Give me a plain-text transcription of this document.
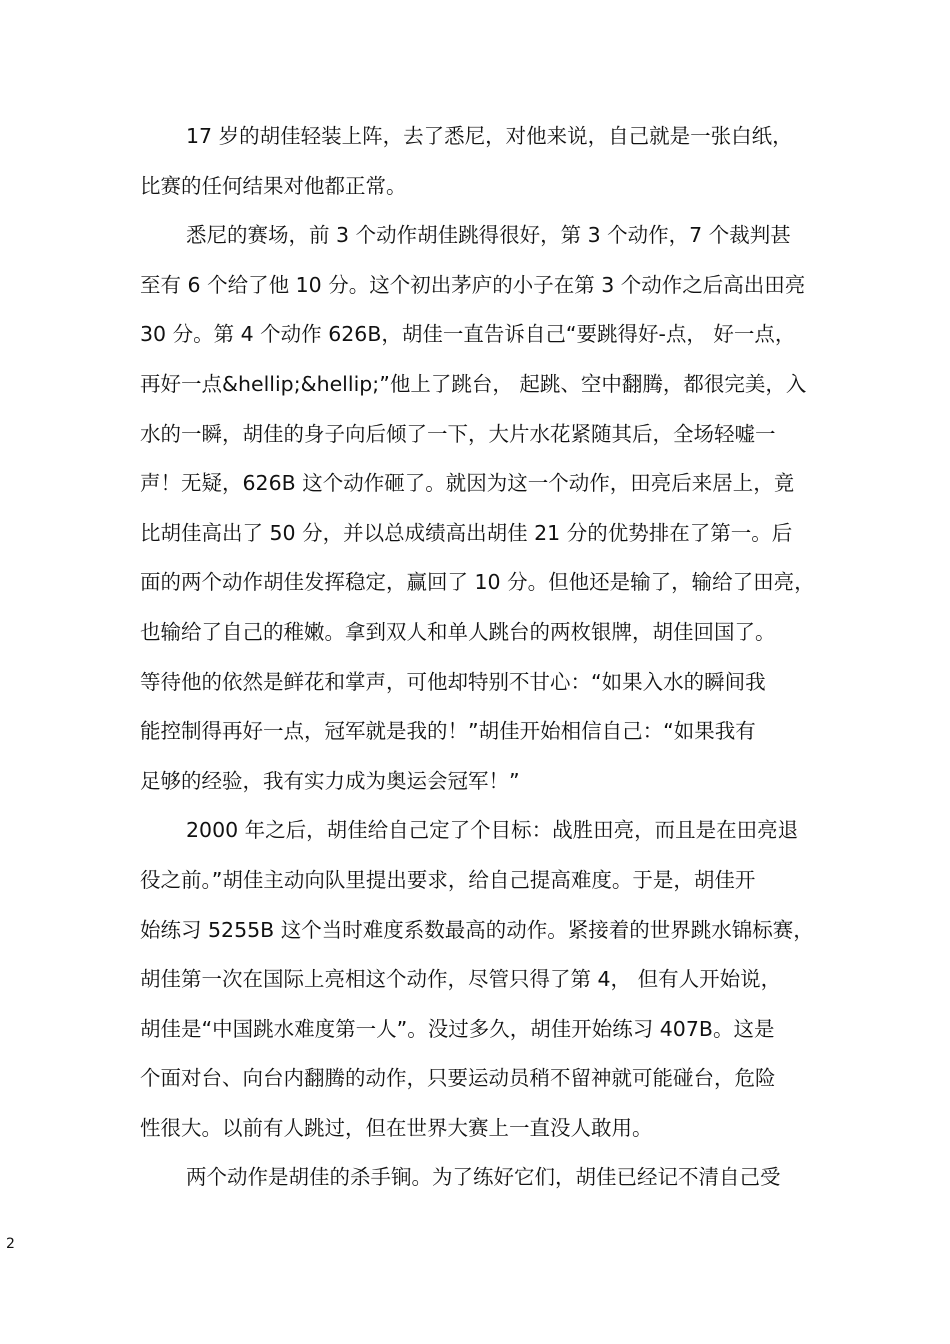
17 岁的胡佳轻装上阵，去了悉尼，对他来说，自己就是一张白纸，
比赛的任何结果对他都正常。
悉尼的赛场，前 3 个动作胡佳跳得很好，第 3 个动作，7 个裁判甚
至有 6 个给了他 10 分。这个初出茅庐的小子在第 3 个动作之后高出田亮
30 分。第 4 个动作 626B，胡佳一直告诉自己“要跳得好-点， 好一点，
再好一点&hellip;&hellip;”他上了跳台， 起跳、空中翻腾，都很完美，入
水的一瞬，胡佳的身子向后倾了一下，大片水花紧随其后，全场轻嘘一
声！无疑，626B 这个动作砸了。就因为这一个动作，田亮后来居上，竟
比胡佳高出了 50 分，并以总成绩高出胡佳 21 分的优势排在了第一。后
面的两个动作胡佳发挥稳定，赢回了 10 分。但他还是输了，输给了田亮，
也输给了自己的稚嫩。拿到双人和单人跳台的两枚银牌，胡佳回国了。
等待他的依然是鲜花和掌声，可他却特别不甘心：“如果入水的瞬间我
能控制得再好一点，冠军就是我的！”胡佳开始相信自己：“如果我有
足够的经验，我有实力成为奥运会冠军！”
2000 年之后，胡佳给自己定了个目标：战胜田亮，而且是在田亮退
役之前。”胡佳主动向队里提出要求，给自己提高难度。于是，胡佳开
始练习 5255B 这个当时难度系数最高的动作。紧接着的世界跳水锦标赛，
胡佳第一次在国际上亮相这个动作，尽管只得了第 4， 但有人开始说，
胡佳是“中国跳水难度第一人”。没过多久，胡佳开始练习 407B。这是
个面对台、向台内翻腾的动作，只要运动员稍不留神就可能碰台，危险
性很大。以前有人跳过，但在世界大赛上一直没人敢用。
两个动作是胡佳的杀手锏。为了练好它们，胡佳已经记不清自己受
2
